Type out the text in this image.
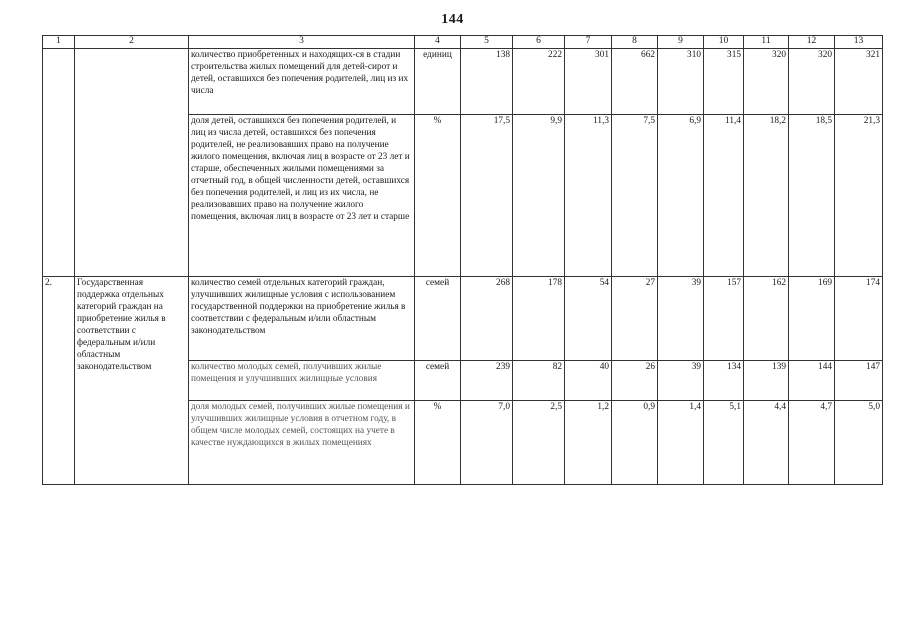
144
1	2	3	4	5	6	7	8	9	10	11	12	13
		количество приобретенных и находящих-ся в стадии строительства жилых помещений для детей-сирот и детей, оставшихся без попечения родителей, лиц из их числа	единиц	138	222	301	662	310	315	320	320	321
		доля детей, оставшихся без попечения родителей, и лиц из числа детей, оставшихся без попечения родителей, не реализовавших право на получение жилого помещения, включая лиц в возрасте от 23 лет и старше, обеспеченных жилыми помещениями за отчетный год, в общей численности детей, оставшихся без попечения родителей, и лиц из их числа, не реализовавших право на получение жилого помещения, включая лиц в возрасте от 23 лет и старше	%	17,5	9,9	11,3	7,5	6,9	11,4	18,2	18,5	21,3
2.	Государственная поддержка отдельных категорий граждан на приобретение жилья в соответствии с федеральным и/или областным законодательством	количество семей отдельных категорий граждан, улучшивших жилищные условия с использованием государственной поддержки на приобретение жилья в соответствии с федеральным и/или областным законодательством	семей	268	178	54	27	39	157	162	169	174
		количество молодых семей, получивших жилые помещения и улучшивших жилищные условия	семей	239	82	40	26	39	134	139	144	147
		доля молодых семей, получивших жилые помещения и улучшивших жилищные условия в отчетном году, в общем числе молодых семей, состоящих на учете в качестве нуждающихся в жилых помещениях	%	7,0	2,5	1,2	0,9	1,4	5,1	4,4	4,7	5,0
